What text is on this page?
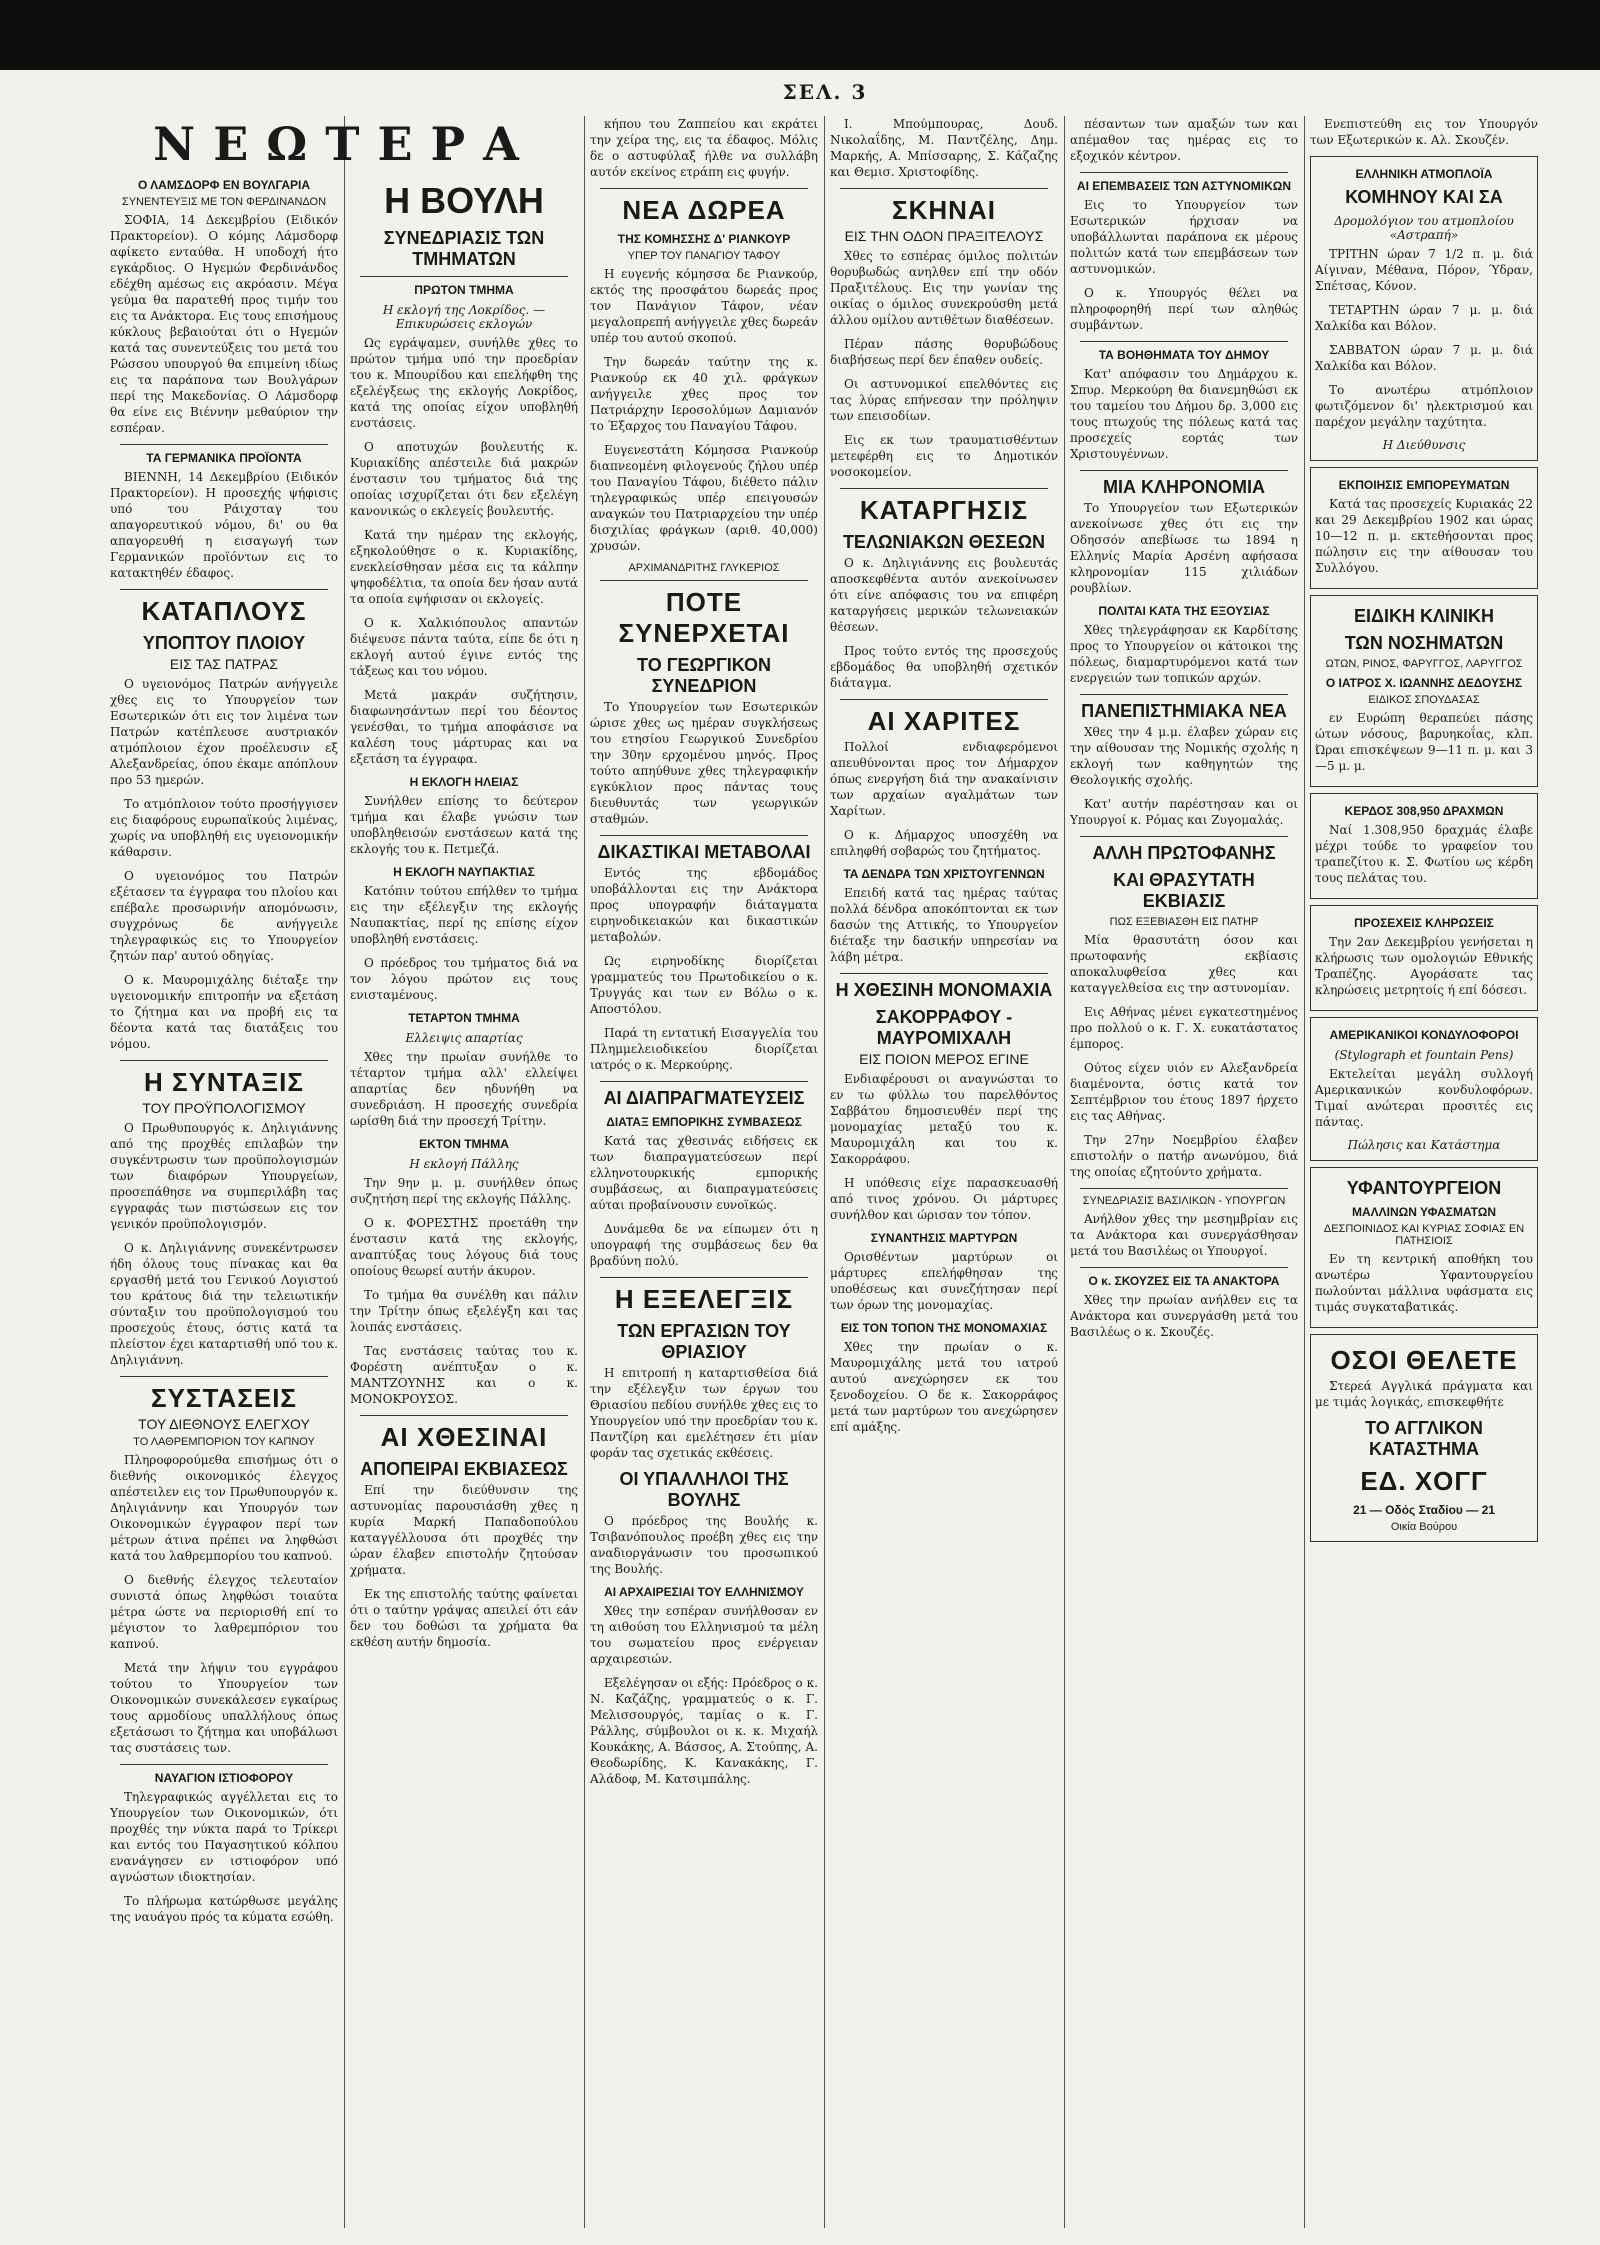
ΣΕΛ. 3
ΝΕΩΤΕΡΑ
Ο ΛΑΜΣΔΟΡΦ ΕΝ ΒΟΥΛΓΑΡΙΑ
ΣΥΝΕΝΤΕΥΞΙΣ ΜΕ ΤΟΝ ΦΕΡΔΙΝΑΝΔΟΝ

ΣΟΦΙΑ, 14 Δεκεμβρίου (Ειδικόν Πρακτορείον). Ο κόμης Λάμσδορφ αφίκετο ενταύθα. Η υποδοχή ήτο εγκάρδιος. Ο Ηγεμών Φερδινάνδος εδέχθη αμέσως εις ακρόασιν. Μέγα γεύμα θα παρατεθή προς τιμήν του εις τα Ανάκτορα. Εις τους επισήμους κύκλους βεβαιούται ότι ο Ηγεμών κατά τας συνεντεύξεις του μετά του Ρώσσου υπουργού θα επιμείνη ιδίως εις τα παράπονα των Βουλγάρων περί της Μακεδονίας. Ο Λάμσδορφ θα είνε εις Βιέννην μεθαύριον την εσπέραν.

ΤΑ ΓΕΡΜΑΝΙΚΑ ΠΡΟΪΟΝΤΑ

ΒΙΕΝΝΗ, 14 Δεκεμβρίου (Ειδικόν Πρακτορείον). Η προσεχής ψήφισις υπό του Ράιχσταγ του απαγορευτικού νόμου, δι' ου θα απαγορευθή η εισαγωγή των Γερμανικών προϊόντων εις το κατακτηθέν έδαφος.

ΚΑΤΑΠΛΟΥΣ
ΥΠΟΠΤΟΥ ΠΛΟΙΟΥ
ΕΙΣ ΤΑΣ ΠΑΤΡΑΣ

Ο υγειονόμος Πατρών ανήγγειλε χθες εις το Υπουργείον των Εσωτερικών ότι εις τον λιμένα των Πατρών κατέπλευσε αυστριακόν ατμόπλοιον έχον προέλευσιν εξ Αλεξανδρείας, όπου έκαμε απόπλουν προ 53 ημερών.

Το ατμόπλοιον τούτο προσήγγισεν εις διαφόρους ευρωπαϊκούς λιμένας, χωρίς να υποβληθή εις υγειονομικήν κάθαρσιν.

Ο υγειονόμος του Πατρών εξέτασεν τα έγγραφα του πλοίου και επέβαλε προσωρινήν απομόνωσιν, συγχρόνως δε ανήγγειλε τηλεγραφικώς εις το Υπουργείον ζητών παρ' αυτού οδηγίας.

Ο κ. Μαυρομιχάλης διέταξε την υγειονομικήν επιτροπήν να εξετάση το ζήτημα και να προβή εις τα δέοντα κατά τας διατάξεις του νόμου.

Η ΣΥΝΤΑΞΙΣ
ΤΟΥ ΠΡΟΫΠΟΛΟΓΙΣΜΟΥ

Ο Πρωθυπουργός κ. Δηλιγιάννης από της προχθές επιλαβών την συγκέντρωσιν των προϋπολογισμών των διαφόρων Υπουργείων, προσεπάθησε να συμπεριλάβη τας εγγραφάς των πιστώσεων εις τον γενικόν προϋπολογισμόν.

Ο κ. Δηλιγιάννης συνεκέντρωσεν ήδη όλους τους πίνακας και θα εργασθή μετά του Γενικού Λογιστού του κράτους διά την τελειωτικήν σύνταξιν του προϋπολογισμού του προσεχούς έτους, όστις κατά τα πλείστον έχει καταρτισθή υπό του κ. Δηλιγιάννη.

ΣΥΣΤΑΣΕΙΣ
ΤΟΥ ΔΙΕΘΝΟΥΣ ΕΛΕΓΧΟΥ
ΤΟ ΛΑΘΡΕΜΠΟΡΙΟΝ ΤΟΥ ΚΑΠΝΟΥ

Πληροφορούμεθα επισήμως ότι ο διεθνής οικονομικός έλεγχος απέστειλεν εις τον Πρωθυπουργόν κ. Δηλιγιάννην και Υπουργόν των Οικονομικών έγγραφον περί των μέτρων άτινα πρέπει να ληφθώσι κατά του λαθρεμπορίου του καπνού.

Ο διεθνής έλεγχος τελευταίον συνιστά όπως ληφθώσι τοιαύτα μέτρα ώστε να περιορισθή επί το μέγιστον το λαθρεμπόριον του καπνού.

Μετά την λήψιν του εγγράφου τούτου το Υπουργείον των Οικονομικών συνεκάλεσεν εγκαίρως τους αρμοδίους υπαλλήλους όπως εξετάσωσι το ζήτημα και υποβάλωσι τας συστάσεις των.

ΝΑΥΑΓΙΟΝ ΙΣΤΙΟΦΟΡΟΥ

Τηλεγραφικώς αγγέλλεται εις το Υπουργείον των Οικονομικών, ότι προχθές την νύκτα παρά το Τρίκερι και εντός του Παγασητικού κόλπου ενανάγησεν εν ιστιοφόρον υπό αγνώστων ιδιοκτησίαν.

Το πλήρωμα κατώρθωσε μεγάλης της ναυάγου πρός τα κύματα εσώθη.

Η ΒΟΥΛΗ
ΣΥΝΕΔΡΙΑΣΙΣ ΤΩΝ ΤΜΗΜΑΤΩΝ
ΠΡΩΤΟΝ ΤΜΗΜΑ
Η εκλογή της Λοκρίδος. — Επικυρώσεις εκλογών

Ως εγράψαμεν, συνήλθε χθες το πρώτον τμήμα υπό την προεδρίαν του κ. Μπουρίδου και επελήφθη της εξελέγξεως της εκλογής Λοκρίδος, κατά της οποίας είχον υποβληθή ενστάσεις.

Ο αποτυχών βουλευτής κ. Κυριακίδης απέστειλε διά μακρών ένστασιν του τμήματος διά της οποίας ισχυρίζεται ότι δεν εξελέγη κανονικώς ο εκλεγείς βουλευτής.

Κατά την ημέραν της εκλογής, εξηκολούθησε ο κ. Κυριακίδης, ενεκλείσθησαν μέσα εις τα κάλπην ψηφοδέλτια, τα οποία δεν ήσαν αυτά τα οποία εψήφισαν οι εκλογείς.

Ο κ. Χαλκιόπουλος απαντών διέψευσε πάντα ταύτα, είπε δε ότι η εκλογή αυτού έγινε εντός της τάξεως και του νόμου.

Μετά μακράν συζήτησιν, διαφωνησάντων περί του δέοντος γενέσθαι, το τμήμα αποφάσισε να καλέση τους μάρτυρας και να εξετάση τα έγγραφα.

Η ΕΚΛΟΓΗ ΗΛΕΙΑΣ

Συνήλθεν επίσης το δεύτερον τμήμα και έλαβε γνώσιν των υποβληθεισών ενστάσεων κατά της εκλογής του κ. Πετμεζά.

Η ΕΚΛΟΓΗ ΝΑΥΠΑΚΤΙΑΣ

Κατόπιν τούτου επήλθεν το τμήμα εις την εξέλεγξιν της εκλογής Ναυπακτίας, περί ης επίσης είχον υποβληθή ενστάσεις.

Ο πρόεδρος του τμήματος διά να τον λόγου πρώτον εις τους ενισταμένους.

ΤΕΤΑΡΤΟΝ ΤΜΗΜΑ
Ελλειψις απαρτίας

Χθες την πρωίαν συνήλθε το τέταρτον τμήμα αλλ' ελλείψει απαρτίας δεν ηδυνήθη να συνεδριάση. Η προσεχής συνεδρία ωρίσθη διά την προσεχή Τρίτην.

ΕΚΤΟΝ ΤΜΗΜΑ
Η εκλογή Πάλλης

Την 9ην μ. μ. συνήλθεν όπως συζητήση περί της εκλογής Πάλλης.

Ο κ. ΦΟΡΕΣΤΗΣ προετάθη την ένστασιν κατά της εκλογής, αναπτύξας τους λόγους διά τους οποίους θεωρεί αυτήν άκυρον.

Το τμήμα θα συνέλθη και πάλιν την Τρίτην όπως εξελέγξη και τας λοιπάς ενστάσεις.

Τας ενστάσεις ταύτας του κ. Φορέστη ανέπτυξαν ο κ. ΜΑΝΤΖΟΥΝΗΣ και ο κ. ΜΟΝΟΚΡΟΥΣΟΣ.

ΑΙ ΧΘΕΣΙΝΑΙ
ΑΠΟΠΕΙΡΑΙ ΕΚΒΙΑΣΕΩΣ

Επί την διεύθυνσιν της αστυνομίας παρουσιάσθη χθες η κυρία Μαρκή Παπαδοπούλου καταγγέλλουσα ότι προχθές την ώραν έλαβεν επιστολήν ζητούσαν χρήματα.

Εκ της επιστολής ταύτης φαίνεται ότι ο ταύτην γράψας απειλεί ότι εάν δεν του δοθώσι τα χρήματα θα εκθέση αυτήν δημοσία.

κήπου του Ζαππείου και εκράτει την χείρα της, εις τα έδαφος. Μόλις δε ο αστυφύλαξ ήλθε να συλλάβη αυτόν εκείνος ετράπη εις φυγήν.

ΝΕΑ ΔΩΡΕΑ
ΤΗΣ ΚΟΜΗΣΣΗΣ Δ' ΡΙΑΝΚΟΥΡ
ΥΠΕΡ ΤΟΥ ΠΑΝΑΓΙΟΥ ΤΑΦΟΥ

Η ευγενής κόμησσα δε Ριανκούρ, εκτός της προσφάτου δωρεάς προς τον Πανάγιον Τάφον, νέαν μεγαλοπρεπή ανήγγειλε χθες δωρεάν υπέρ του αυτού σκοπού.

Την δωρεάν ταύτην της κ. Ριανκούρ εκ 40 χιλ. φράγκων ανήγγειλε χθες προς τον Πατριάρχην Ιεροσολύμων Δαμιανόν το Έξαρχος του Παναγίου Τάφου.

Ευγενεστάτη Κόμησσα Ριανκούρ διαπνεομένη φιλογενούς ζήλου υπέρ του Παναγίου Τάφου, διέθετο πάλιν τηλεγραφικώς υπέρ επειγουσών αναγκών του Πατριαρχείου την υπέρ δισχιλίας φράγκων (αριθ. 40,000) χρυσών.

ΑΡΧΙΜΑΝΔΡΙΤΗΣ ΓΛΥΚΕΡΙΟΣ
ΠΟΤΕ ΣΥΝΕΡΧΕΤΑΙ
ΤΟ ΓΕΩΡΓΙΚΟΝ ΣΥΝΕΔΡΙΟΝ

Το Υπουργείον των Εσωτερικών ώρισε χθες ως ημέραν συγκλήσεως του ετησίου Γεωργικού Συνεδρίου την 30ην ερχομένου μηνός. Προς τούτο απηύθυνε χθες τηλεγραφικήν εγκύκλιον προς πάντας τους διευθυντάς των γεωργικών σταθμών.

ΔΙΚΑΣΤΙΚΑΙ ΜΕΤΑΒΟΛΑΙ

Εντός της εβδομάδος υποβάλλονται εις την Ανάκτορα προς υπογραφήν διάταγματα ειρηνοδικειακών και δικαστικών μεταβολών.

Ως ειρηνοδίκης διορίζεται γραμματεύς του Πρωτοδικείου ο κ. Τρυγγάς και των εν Βόλω ο κ. Αποστόλου.

Παρά τη εντατική Εισαγγελία του Πλημμελειοδικείου διορίζεται ιατρός ο κ. Μερκούρης.

ΑΙ ΔΙΑΠΡΑΓΜΑΤΕΥΣΕΙΣ
ΔΙΑΤΑΞ ΕΜΠΟΡΙΚΗΣ ΣΥΜΒΑΣΕΩΣ

Κατά τας χθεσινάς ειδήσεις εκ των διαπραγματεύσεων περί ελληνοτουρκικής εμπορικής συμβάσεως, αι διαπραγματεύσεις αύται προβαίνουσιν ευνοϊκώς.

Δυνάμεθα δε να είπωμεν ότι η υπογραφή της συμβάσεως δεν θα βραδύνη πολύ.

Η ΕΞΕΛΕΓΞΙΣ
ΤΩΝ ΕΡΓΑΣΙΩΝ ΤΟΥ ΘΡΙΑΣΙΟΥ

Η επιτροπή η καταρτισθείσα διά την εξέλεγξιν των έργων του Θριασίου πεδίου συνήλθε χθες εις το Υπουργείον υπό την προεδρίαν του κ. Παντζίρη και εμελέτησεν έτι μίαν φοράν τας σχετικάς εκθέσεις.

ΟΙ ΥΠΑΛΛΗΛΟΙ ΤΗΣ ΒΟΥΛΗΣ

Ο πρόεδρος της Βουλής κ. Τσιβανόπουλος προέβη χθες εις την αναδιοργάνωσιν του προσωπικού της Βουλής.

ΑΙ ΑΡΧΑΙΡΕΣΙΑΙ ΤΟΥ ΕΛΛΗΝΙΣΜΟΥ

Χθες την εσπέραν συνήλθοσαν εν τη αιθούση του Ελληνισμού τα μέλη του σωματείου προς ενέργειαν αρχαιρεσιών.

Εξελέγησαν οι εξής: Πρόεδρος ο κ. Ν. Καζάζης, γραμματεύς ο κ. Γ. Μελισσουργός, ταμίας ο κ. Γ. Ράλλης, σύμβουλοι οι κ. κ. Μιχαήλ Κουκάκης, Α. Βάσσος, Α. Στούπης, Α. Θεοδωρίδης, Κ. Κανακάκης, Γ. Αλάδοφ, Μ. Κατσιμπάλης.

Ι. Μπούμπουρας, Δουδ. Νικολαΐδης, Μ. Παντζέλης, Δημ. Μαρκής, Α. Μπίσσαρης, Σ. Κάζαζης και Θεμισ. Χριστοφίδης.

ΣΚΗΝΑΙ
ΕΙΣ ΤΗΝ ΟΔΟΝ ΠΡΑΞΙΤΕΛΟΥΣ

Χθες το εσπέρας όμιλος πολιτών θορυβωδώς ανηλθεν επί την οδόν Πραξιτέλους. Εις την γωνίαν της οικίας ο όμιλος συνεκρούσθη μετά άλλου ομίλου αντιθέτων διαθέσεων.

Πέραν πάσης θορυβώδους διαβήσεως περί δεν έπαθεν ουδείς.

Οι αστυνομικοί επελθόντες εις τας λύρας επήνεσαν την πρόληψιν των επεισοδίων.

Εις εκ των τραυματισθέντων μετεφέρθη εις το Δημοτικόν νοσοκομείον.

ΚΑΤΑΡΓΗΣΙΣ
ΤΕΛΩΝΙΑΚΩΝ ΘΕΣΕΩΝ

Ο κ. Δηλιγιάννης εις βουλευτάς αποσκεφθέντα αυτόν ανεκοίνωσεν ότι είνε απόφασις του να επιφέρη καταργήσεις μερικών τελωνειακών θέσεων.

Προς τούτο εντός της προσεχούς εβδομάδος θα υποβληθή σχετικόν διάταγμα.

ΑΙ ΧΑΡΙΤΕΣ

Πολλοί ενδιαφερόμενοι απευθύνονται προς τον Δήμαρχον όπως ενεργήση διά την ανακαίνισιν των αρχαίων αγαλμάτων των Χαρίτων.

Ο κ. Δήμαρχος υποσχέθη να επιληφθή σοβαρώς του ζητήματος.

ΤΑ ΔΕΝΔΡΑ ΤΩΝ ΧΡΙΣΤΟΥΓΕΝΝΩΝ

Επειδή κατά τας ημέρας ταύτας πολλά δένδρα αποκόπτονται εκ των δασών της Αττικής, το Υπουργείον διέταξε την δασικήν υπηρεσίαν να λάβη μέτρα.

Η ΧΘΕΣΙΝΗ ΜΟΝΟΜΑΧΙΑ
ΣΑΚΟΡΡΑΦΟΥ - ΜΑΥΡΟΜΙΧΑΛΗ
ΕΙΣ ΠΟΙΟΝ ΜΕΡΟΣ ΕΓΙΝΕ

Ενδιαφέρουσι οι αναγνώσται το εν τω φύλλω του παρελθόντος Σαββάτου δημοσιευθέν περί της μονομαχίας μεταξύ του κ. Μαυρομιχάλη και του κ. Σακορράφου.

Η υπόθεσις είχε παρασκευασθή από τινος χρόνου. Οι μάρτυρες συνήλθον και ώρισαν τον τόπον.

ΣΥΝΑΝΤΗΣΙΣ ΜΑΡΤΥΡΩΝ

Ορισθέντων μαρτύρων οι μάρτυρες επελήφθησαν της υποθέσεως και συνεζήτησαν περί των όρων της μονομαχίας.

ΕΙΣ ΤΟΝ ΤΟΠΟΝ ΤΗΣ ΜΟΝΟΜΑΧΙΑΣ

Χθες την πρωίαν ο κ. Μαυρομιχάλης μετά του ιατρού αυτού ανεχώρησεν εκ του ξενοδοχείου. Ο δε κ. Σακορράφος μετά των μαρτύρων του ανεχώρησεν επί αμάξης.

πέσαντων των αμαξών των και απέμαθον τας ημέρας εις το εξοχικόν κέντρον.

ΑΙ ΕΠΕΜΒΑΣΕΙΣ ΤΩΝ ΑΣΤΥΝΟΜΙΚΩΝ

Εις το Υπουργείον των Εσωτερικών ήρχισαν να υποβάλλωνται παράπονα εκ μέρους πολιτών κατά των επεμβάσεων των αστυνομικών.

Ο κ. Υπουργός θέλει να πληροφορηθή περί των αληθώς συμβάντων.

ΤΑ ΒΟΗΘΗΜΑΤΑ ΤΟΥ ΔΗΜΟΥ

Κατ' απόφασιν του Δημάρχου κ. Σπυρ. Μερκούρη θα διανεμηθώσι εκ του ταμείου του Δήμου δρ. 3,000 εις τους πτωχούς της πόλεως κατά τας προσεχείς εορτάς των Χριστουγέννων.

ΜΙΑ ΚΛΗΡΟΝΟΜΙΑ

Το Υπουργείον των Εξωτερικών ανεκοίνωσε χθες ότι εις την Οδησσόν απεβίωσε τω 1894 η Ελληνίς Μαρία Αρσένη αφήσασα κληρονομίαν 115 χιλιάδων ρουβλίων.

ΠΟΛΙΤΑΙ ΚΑΤΑ ΤΗΣ ΕΞΟΥΣΙΑΣ

Χθες τηλεγράφησαν εκ Καρδίτσης προς το Υπουργείον οι κάτοικοι της πόλεως, διαμαρτυρόμενοι κατά των ενεργειών των τοπικών αρχών.

ΠΑΝΕΠΙΣΤΗΜΙΑΚΑ ΝΕΑ

Χθες την 4 μ.μ. έλαβεν χώραν εις την αίθουσαν της Νομικής σχολής η εκλογή των καθηγητών της Θεολογικής σχολής.

Κατ' αυτήν παρέστησαν και οι Υπουργοί κ. Ρόμας και Ζυγομαλάς.

ΑΛΛΗ ΠΡΩΤΟΦΑΝΗΣ
ΚΑΙ ΘΡΑΣΥΤΑΤΗ ΕΚΒΙΑΣΙΣ
ΠΩΣ ΕΞΕΒΙΑΣΘΗ ΕΙΣ ΠΑΤΗΡ

Μία θρασυτάτη όσον και πρωτοφανής εκβίασις αποκαλυφθείσα χθες και καταγγελθείσα εις την αστυνομίαν.

Εις Αθήνας μένει εγκατεστημένος προ πολλού ο κ. Γ. Χ. ευκατάστατος έμπορος.

Ούτος είχεν υιόν εν Αλεξανδρεία διαμένοντα, όστις κατά τον Σεπτέμβριον του έτους 1897 ήρχετο εις τας Αθήνας.

Την 27ην Νοεμβρίου έλαβεν επιστολήν ο πατήρ ανωνύμου, διά της οποίας εζητούντο χρήματα.

ΣΥΝΕΔΡΙΑΣΙΣ ΒΑΣΙΛΙΚΩΝ - ΥΠΟΥΡΓΩΝ

Ανήλθον χθες την μεσημβρίαν εις τα Ανάκτορα και συνεργάσθησαν μετά του Βασιλέως οι Υπουργοί.

Ο κ. ΣΚΟΥΖΕΣ ΕΙΣ ΤΑ ΑΝΑΚΤΟΡΑ

Χθες την πρωίαν ανήλθεν εις τα Ανάκτορα και συνεργάσθη μετά του Βασιλέως ο κ. Σκουζές.

Ενεπιστεύθη εις τον Υπουργόν των Εξωτερικών κ. Αλ. Σκουζέν.

ΕΛΛΗΝΙΚΗ ΑΤΜΟΠΛΟΪΑ
ΚΟΜΗΝΟΥ ΚΑΙ ΣΑ
Δρομολόγιον του ατμοπλοίου «Αστραπή»

ΤΡΙΤΗΝ ώραν 7 1/2 π. μ. διά Αίγιναν, Μέθανα, Πόρον, Ύδραν, Σπέτσας, Κόνον.

ΤΕΤΑΡΤΗΝ ώραν 7 μ. μ. διά Χαλκίδα και Βόλον.

ΣΑΒΒΑΤΟΝ ώραν 7 μ. μ. διά Χαλκίδα και Βόλον.

Το ανωτέρω ατμόπλοιον φωτιζόμενον δι' ηλεκτρισμού και παρέχον μεγάλην ταχύτητα.

Η Διεύθυνσις
ΕΚΠΟΙΗΣΙΣ ΕΜΠΟΡΕΥΜΑΤΩΝ

Κατά τας προσεχείς Κυριακάς 22 και 29 Δεκεμβρίου 1902 και ώρας 10—12 π. μ. εκτεθήσονται προς πώλησιν εις την αίθουσαν του Συλλόγου.

ΕΙΔΙΚΗ ΚΛΙΝΙΚΗ
ΤΩΝ ΝΟΣΗΜΑΤΩΝ
ΩΤΩΝ, ΡΙΝΟΣ, ΦΑΡΥΓΓΟΣ, ΛΑΡΥΓΓΟΣ
Ο ΙΑΤΡΟΣ Χ. ΙΩΑΝΝΗΣ ΔΕΔΟΥΣΗΣ
ΕΙΔΙΚΟΣ ΣΠΟΥΔΑΣΑΣ

εν Ευρώπη θεραπεύει πάσης ώτων νόσους, βαρυηκοΐας, κλπ. Ώραι επισκέψεων 9—11 π. μ. και 3—5 μ. μ.

ΚΕΡΔΟΣ 308,950 ΔΡΑΧΜΩΝ

Ναί 1.308,950 δραχμάς έλαβε μέχρι τούδε το γραφείον του τραπεζίτου κ. Σ. Φωτίου ως κέρδη τους πελάτας του.

ΠΡΟΣΕΧΕΙΣ ΚΛΗΡΩΣΕΙΣ

Την 2αν Δεκεμβρίου γενήσεται η κλήρωσις των ομολογιών Εθνικής Τραπέζης. Αγοράσατε τας κληρώσεις μετρητοίς ή επί δόσεσι.

ΑΜΕΡΙΚΑΝΙΚΟΙ ΚΟΝΔΥΛΟΦΟΡΟΙ
(Stylograph et fountain Pens)

Εκτελείται μεγάλη συλλογή Αμερικανικών κονδυλοφόρων. Τιμαί ανώτεραι προσιτές εις πάντας.

Πώλησις και Κατάστημα
ΥΦΑΝΤΟΥΡΓΕΙΟΝ
ΜΑΛΛΙΝΩΝ ΥΦΑΣΜΑΤΩΝ
ΔΕΣΠΟΙΝΙΔΟΣ ΚΑΙ ΚΥΡΙΑΣ ΣΟΦΙΑΣ ΕΝ ΠΑΤΗΣΙΟΙΣ

Εν τη κεντρική αποθήκη του ανωτέρω Υφαντουργείου πωλούνται μάλλινα υφάσματα εις τιμάς συγκαταβατικάς.

ΟΣΟΙ ΘΕΛΕΤΕ

Στερεά Αγγλικά πράγματα και με τιμάς λογικάς, επισκεφθήτε

ΤΟ ΑΓΓΛΙΚΟΝ ΚΑΤΑΣΤΗΜΑ
ΕΔ. ΧΟΓΓ
21 — Οδός Σταδίου — 21
Οικία Βούρου
